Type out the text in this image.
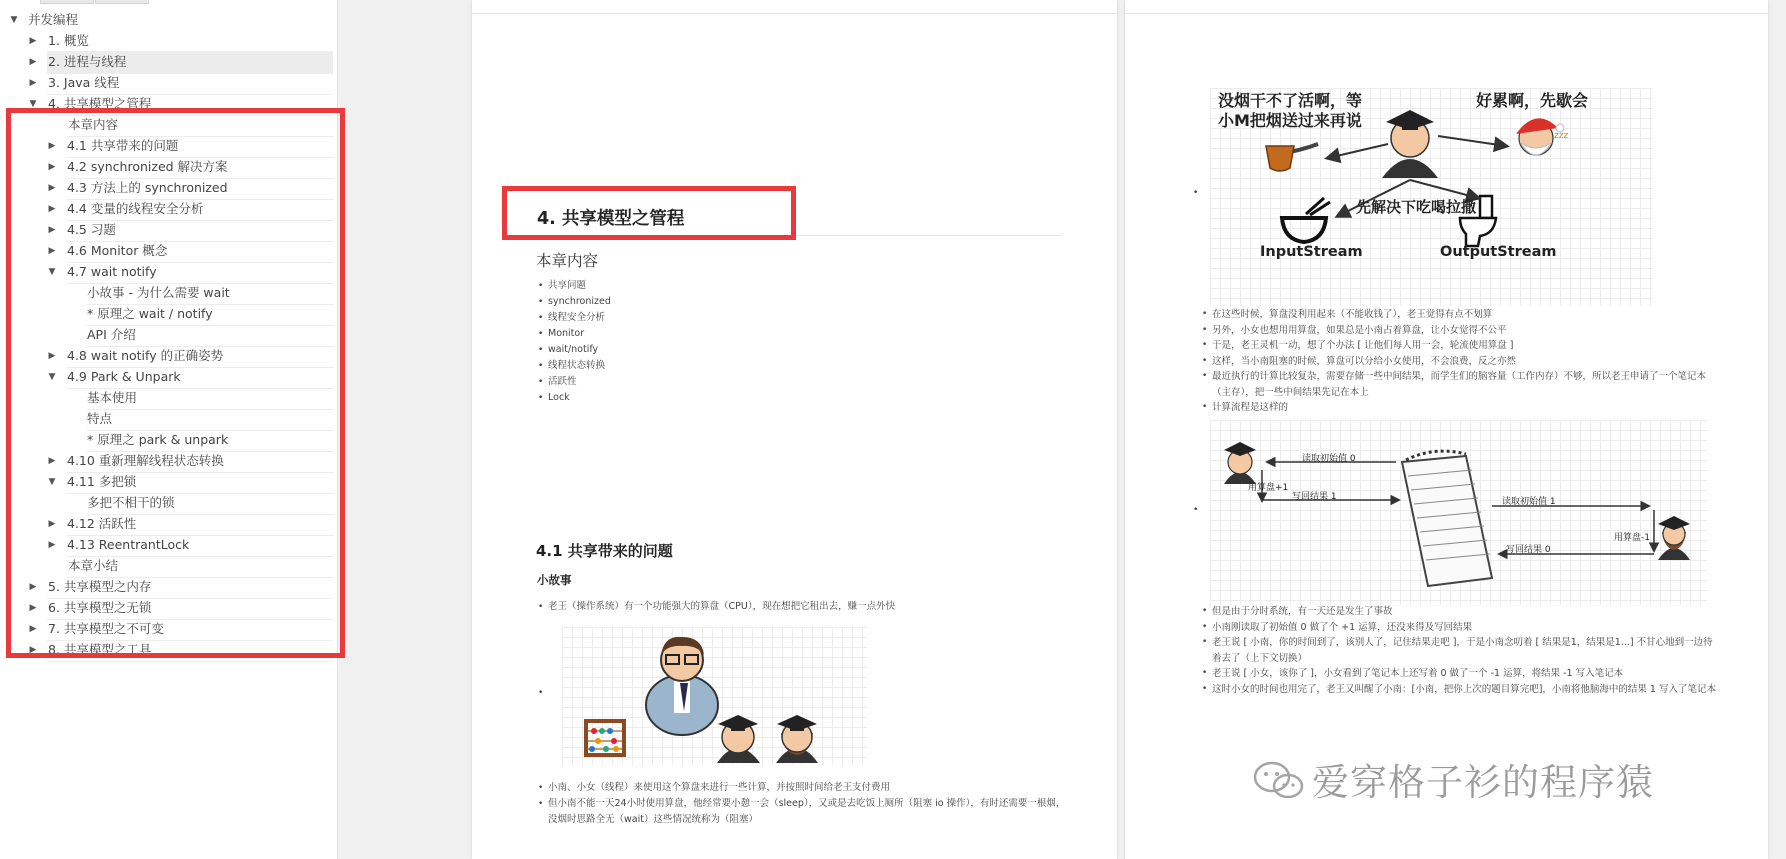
▼ 并发编程
▶ 1. 概览
▶ 2. 进程与线程
▶ 3. Java 线程
▼ 4. 共享模型之管程
本章内容
▶ 4.1 共享带来的问题
▶ 4.2 synchronized 解决方案
▶ 4.3 方法上的 synchronized
▶ 4.4 变量的线程安全分析
▶ 4.5 习题
▶ 4.6 Monitor 概念
▼ 4.7 wait notify
小故事 - 为什么需要 wait
* 原理之 wait / notify
API 介绍
▶ 4.8 wait notify 的正确姿势
▼ 4.9 Park & Unpark
基本使用
特点
* 原理之 park & unpark
▶ 4.10 重新理解线程状态转换
▼ 4.11 多把锁
多把不相干的锁
▶ 4.12 活跃性
▶ 4.13 ReentrantLock
本章小结
▶ 5. 共享模型之内存
▶ 6. 共享模型之无锁
▶ 7. 共享模型之不可变
▶ 8. 共享模型之工具
4. 共享模型之管程
本章内容
• 共享问题
• synchronized
• 线程安全分析
• Monitor
• wait/notify
• 线程状态转换
• 活跃性
• Lock
4.1 共享带来的问题
小故事
• 老王（操作系统）有一个功能强大的算盘（CPU），现在想把它租出去，赚一点外快
•
• 小南、小女（线程）来使用这个算盘来进行一些计算，并按照时间给老王支付费用
• 但小南不能一天24小时使用算盘，他经常要小憩一会（sleep），又或是去吃饭上厕所（阻塞 io 操作），有时还需要一根烟，没烟时思路全无（wait）这些情况统称为（阻塞）
•
zzz
没烟干不了活啊，等
小M把烟送过来再说
好累啊，先歇会
先解决下吃喝拉撒
InputStream	OutputStream
• 在这些时候，算盘没利用起来（不能收钱了），老王觉得有点不划算
• 另外，小女也想用用算盘，如果总是小南占着算盘，让小女觉得不公平
• 于是，老王灵机一动，想了个办法 [ 让他们每人用一会，轮流使用算盘 ]
• 这样，当小南阻塞的时候，算盘可以分给小女使用，不会浪费，反之亦然
• 最近执行的计算比较复杂，需要存储一些中间结果，而学生们的脑容量（工作内存）不够，所以老王申请了一个笔记本（主存），把一些中间结果先记在本上
• 计算流程是这样的
•
读取初始值 0
用算盘+1
写回结果 1	读取初始值 1
用算盘-1
写回结果 0
• 但是由于分时系统，有一天还是发生了事故
• 小南刚读取了初始值 0 做了个 +1 运算，还没来得及写回结果
• 老王说 [ 小南，你的时间到了，该别人了，记住结果走吧 ]，于是小南念叨着 [ 结果是1，结果是1...] 不甘心地到一边待着去了（上下文切换）
• 老王说 [ 小女，该你了 ]，小女看到了笔记本上还写着 0 做了一个 -1 运算，将结果 -1 写入笔记本
• 这时小女的时间也用完了，老王又叫醒了小南：[小南，把你上次的题目算完吧]，小南将他脑海中的结果 1 写入了笔记本
爱穿格子衫的程序猿
